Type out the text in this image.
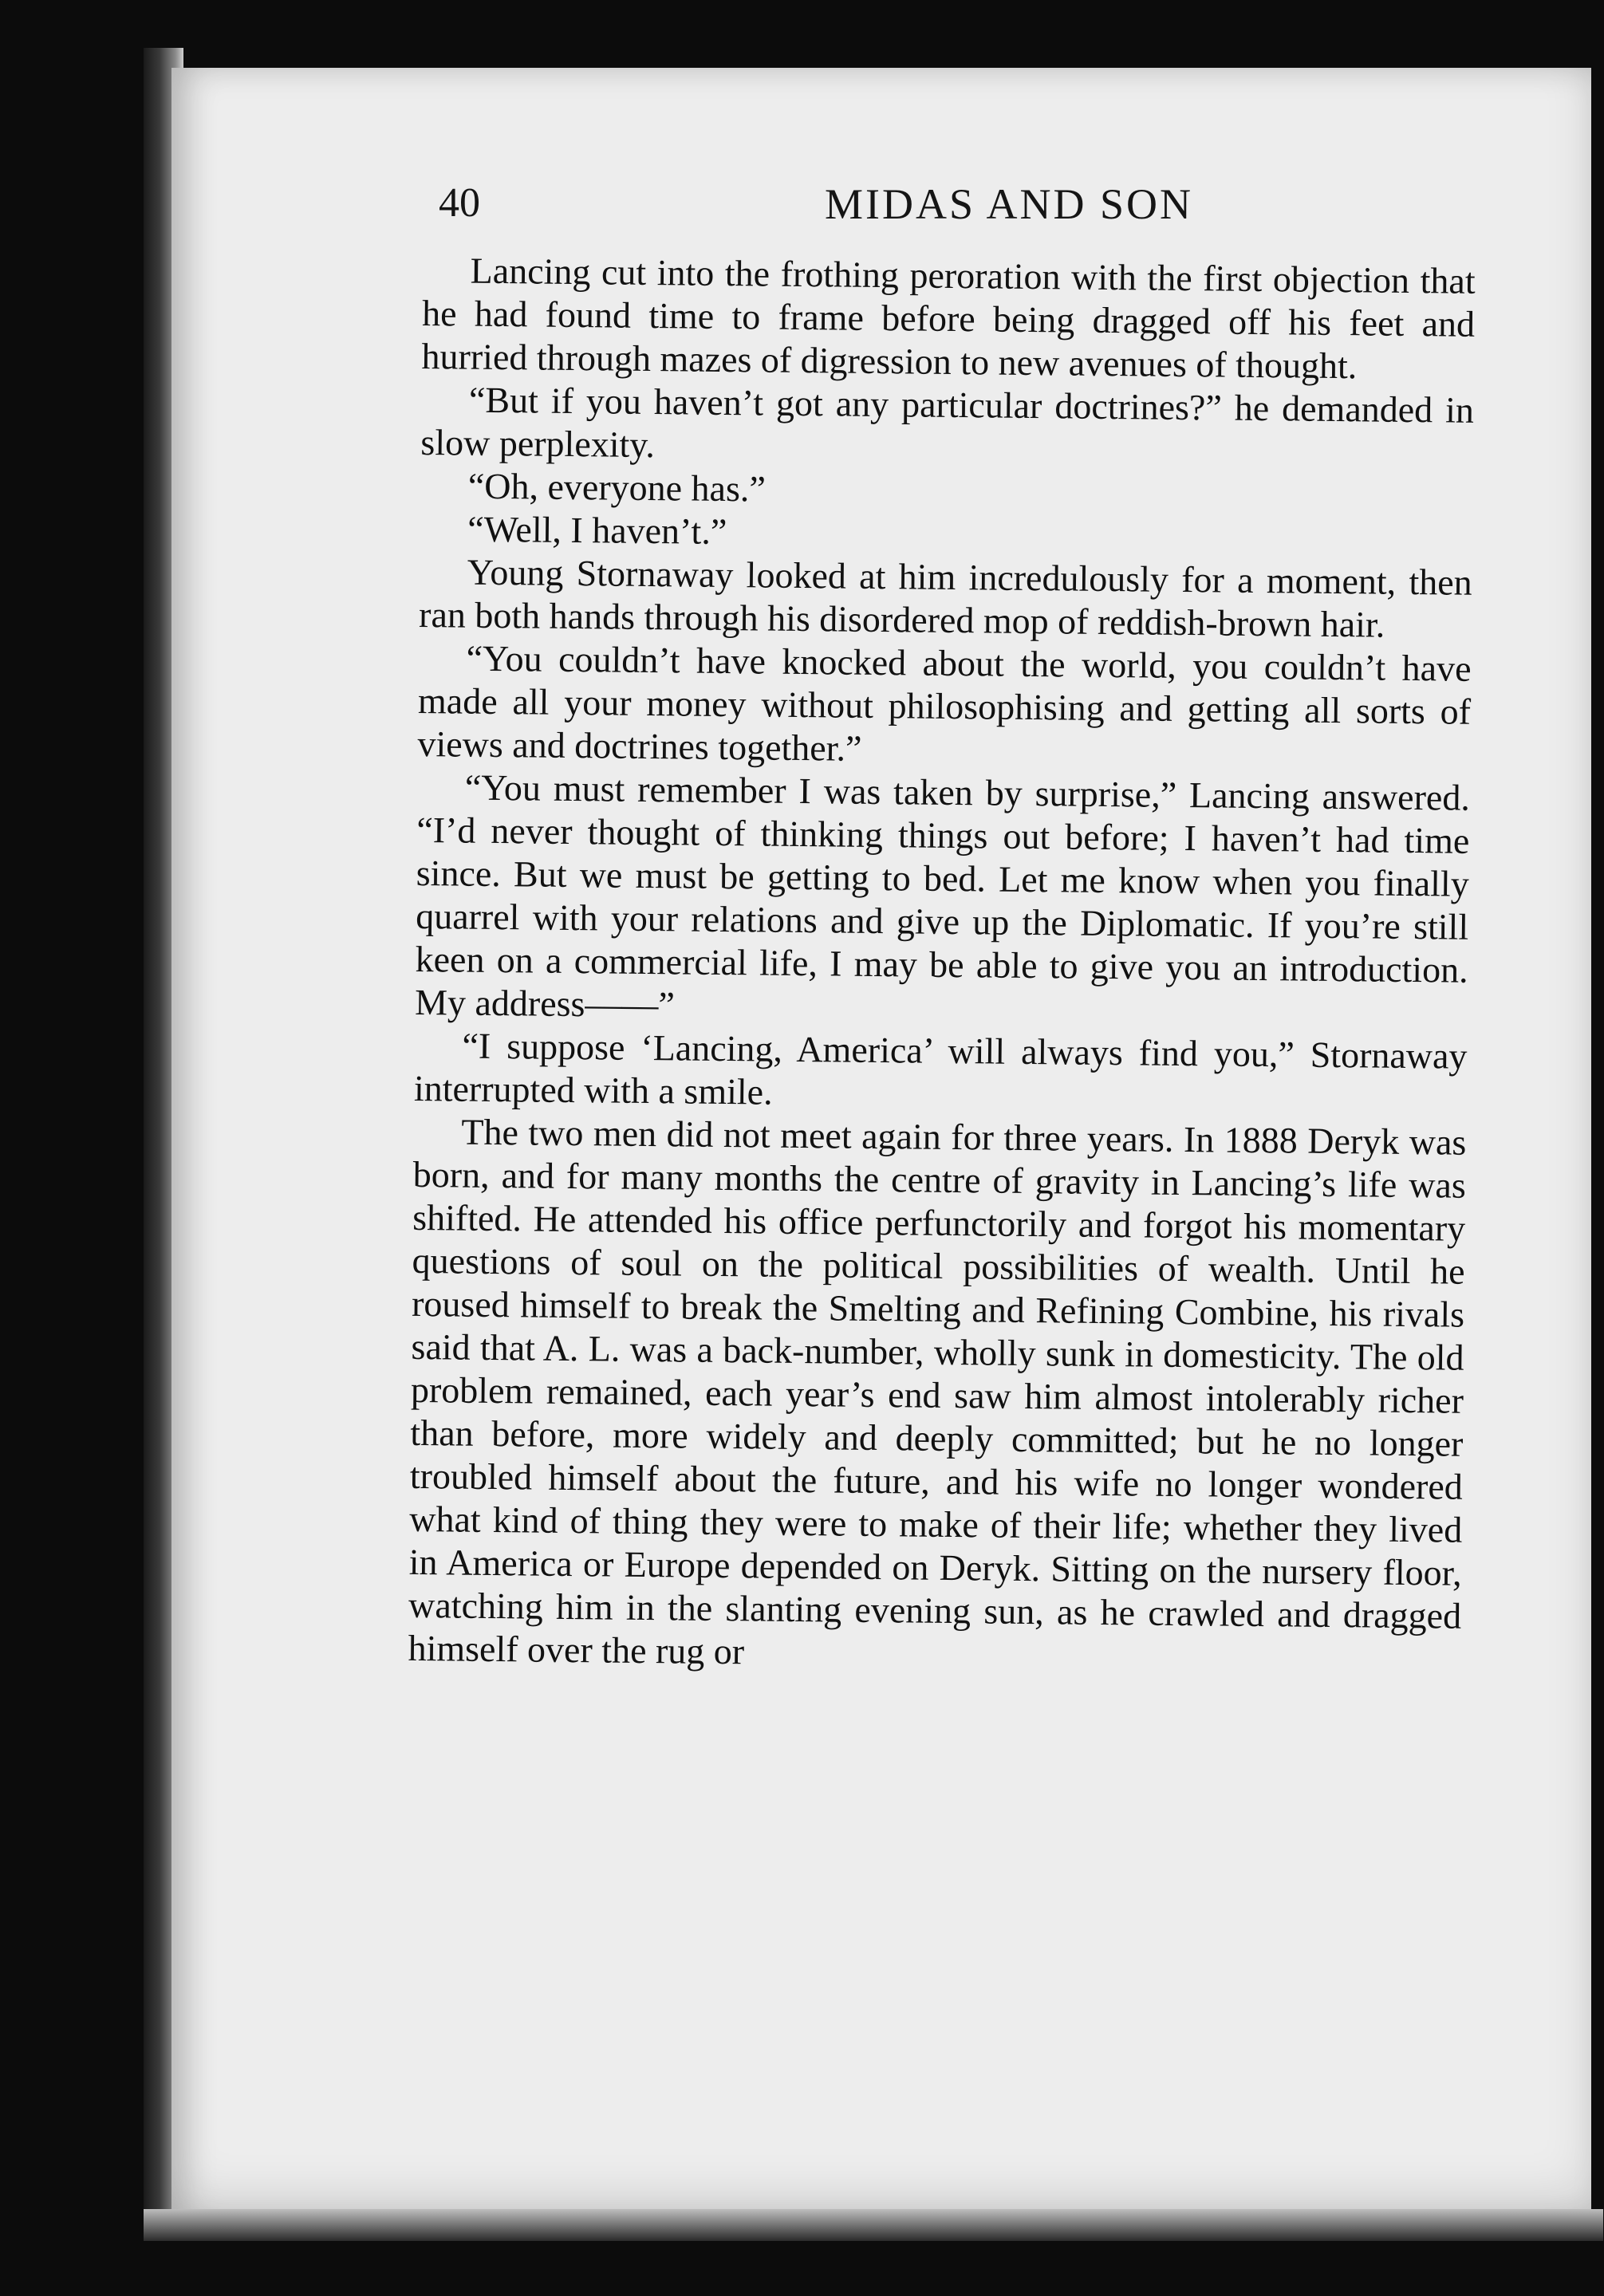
40	MIDAS AND SON

Lancing cut into the frothing peroration with the first objection that he had found time to frame before being dragged off his feet and hurried through mazes of digression to new avenues of thought.

“But if you haven’t got any particular doctrines?” he demanded in slow perplexity.

“Oh, everyone has.”

“Well, I haven’t.”

Young Stornaway looked at him incredulously for a moment, then ran both hands through his disordered mop of reddish-brown hair.

“You couldn’t have knocked about the world, you couldn’t have made all your money without philosophising and getting all sorts of views and doctrines together.”

“You must remember I was taken by surprise,” Lancing answered. “I’d never thought of thinking things out before; I haven’t had time since. But we must be getting to bed. Let me know when you finally quarrel with your relations and give up the Diplomatic. If you’re still keen on a commercial life, I may be able to give you an introduction. My address——”

“I suppose ‘Lancing, America’ will always find you,” Stornaway interrupted with a smile.

The two men did not meet again for three years. In 1888 Deryk was born, and for many months the centre of gravity in Lancing’s life was shifted. He attended his office perfunctorily and forgot his momentary questions of soul on the political possibilities of wealth. Until he roused himself to break the Smelting and Refining Combine, his rivals said that A. L. was a back-number, wholly sunk in domesticity. The old problem remained, each year’s end saw him almost intolerably richer than before, more widely and deeply committed; but he no longer troubled himself about the future, and his wife no longer wondered what kind of thing they were to make of their life; whether they lived in America or Europe depended on Deryk. Sitting on the nursery floor, watching him in the slanting evening sun, as he crawled and dragged himself over the rug or
